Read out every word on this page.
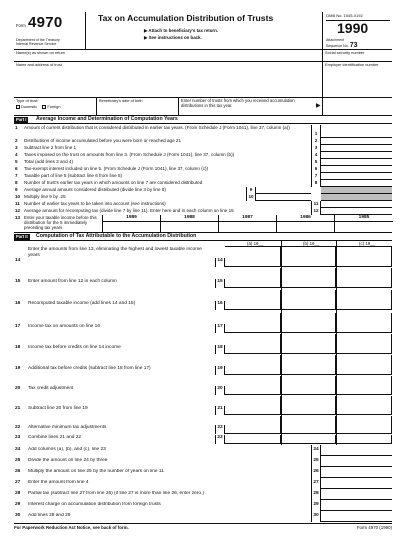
Form 4970
Department of the Treasury
Internal Revenue Service
Tax on Accumulation Distribution of Trusts
▶ Attach to beneficiary's tax return.
▶ See instructions on back.
OMB No. 1545-0192
1990
Attachment
Sequence No. 73
Name(s) as shown on return	Social security number
Name and address of trust	Employer identification number
Type of trust:
Domestic	Foreign
Beneficiary's date of birth	Enter number of trusts from which you received accumulation distributions in this tax year.	▶
Part I	Average Income and Determination of Computation Years
1 Amount of current distribution that is considered distributed in earlier tax years. (From Schedule J (Form 1041), line 37, column (a))
1
2 Distributions of income accumulated before you were born or reached age 21	2
3 Subtract line 2 from line 1	3
4 Taxes imposed on the trust on amounts from line 3. (From Schedule J (Form 1041), line 37, column (b))	4
5 Total (add lines 3 and 4)	5
6 Tax-exempt interest included on line 5. (From Schedule J (Form 1041), line 37, column (c))	6
7 Taxable part of line 5 (subtract line 6 from line 5)	7
8 Number of trust's earlier tax years in which amounts on line 7 are considered distributed	8
9 Average annual amount considered distributed (divide line 3 by line 8)	9
10 Multiply line 9 by .25	10
11 Number of earlier tax years to be taken into account (see instructions)	11
12 Average amount for recomputing tax (divide line 7 by line 11). Enter here and in each column on line 15	12
13 Enter your taxable income before this distribution for the 5 immediately preceding tax years
1989	1988	1987	1986	1985
Part II	Computation of Tax Attributable to the Accumulation Distribution
(a) 19__	(b) 19__	(c) 19__
14
Enter the amounts from line 13, eliminating the highest and lowest taxable income years
14
15 Enter amount from line 12 in each column	15
16 Recomputed taxable income (add lines 14 and 15)	16
17 Income tax on amounts on line 16	17
18 Income tax before credits on line 14 income	18
19 Additional tax before credits (subtract line 18 from line 17)	19
20 Tax credit adjustment	20
21 Subtract line 20 from line 19	21
22 Alternative minimum tax adjustments	22
23 Combine lines 21 and 22	23
24 Add columns (a), (b), and (c), line 23	24
25 Divide the amount on line 24 by three	25
26 Multiply the amount on line 25 by the number of years on line 11	26
27 Enter the amount from line 4	27
28 Partial tax (subtract line 27 from line 26) (if line 27 is more than line 26, enter zero.)	28
29 Interest charge on accumulation distribution from foreign trusts	29
30 Add lines 28 and 29	30
For Paperwork Reduction Act Notice, see back of form.	Form 4970 (1990)
